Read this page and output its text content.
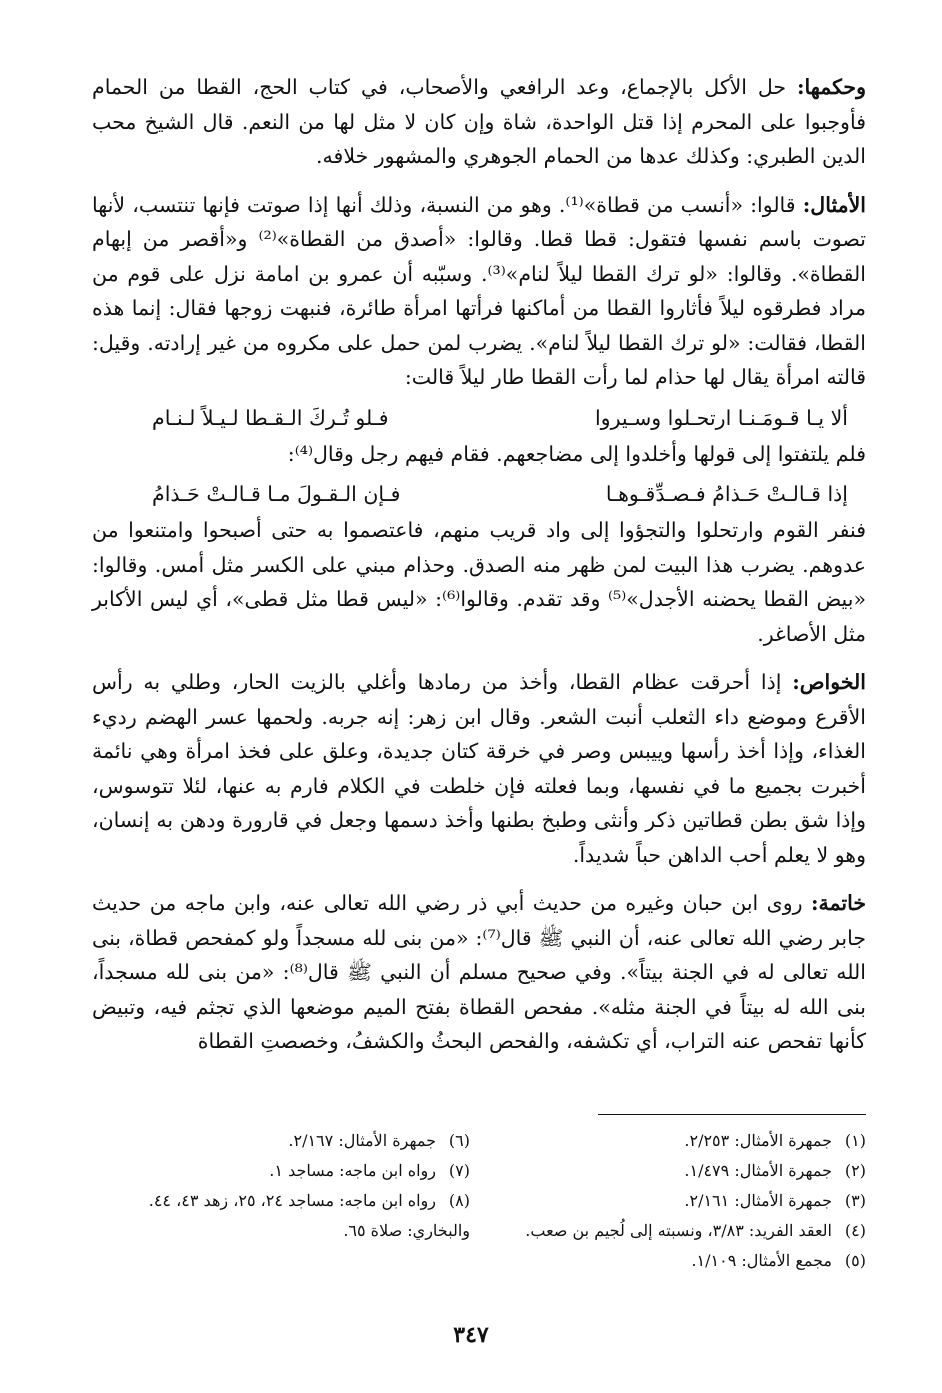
وحكمها: حل الأكل بالإجماع، وعد الرافعي والأصحاب، في كتاب الحج، القطا من الحمام فأوجبوا على المحرم إذا قتل الواحدة، شاة وإن كان لا مثل لها من النعم. قال الشيخ محب الدين الطبري: وكذلك عدها من الحمام الجوهري والمشهور خلافه.

الأمثال: قالوا: «أنسب من قطاة»⁽¹⁾. وهو من النسبة، وذلك أنها إذا صوتت فإنها تنتسب، لأنها تصوت باسم نفسها فتقول: قطا قطا. وقالوا: «أصدق من القطاة»⁽²⁾ و«أقصر من إبهام القطاة». وقالوا: «لو ترك القطا ليلاً لنام»⁽³⁾. وسبّبه أن عمرو بن امامة نزل على قوم من مراد فطرقوه ليلاً فأثاروا القطا من أماكنها فرأتها امرأة طائرة، فنبهت زوجها فقال: إنما هذه القطا، فقالت: «لو ترك القطا ليلاً لنام». يضرب لمن حمل على مكروه من غير إرادته. وقيل: قالته امرأة يقال لها حذام لما رأت القطا طار ليلاً قالت:

ألا يـا قـومَـنـا ارتحـلوا وسـيروا
فـلو تُـركَ الـقـطا لـيـلاً لـنـام
فلم يلتفتوا إلى قولها وأخلدوا إلى مضاجعهم. فقام فيهم رجل وقال⁽⁴⁾:
إذا قـالـتْ حَـذامُ فـصـدِّقـوهـا
فـإن الـقـولَ مـا قـالـتْ حَـذامُ

فنفر القوم وارتحلوا والتجؤوا إلى واد قريب منهم، فاعتصموا به حتى أصبحوا وامتنعوا من عدوهم. يضرب هذا البيت لمن ظهر منه الصدق. وحذام مبني على الكسر مثل أمس. وقالوا: «بيض القطا يحضنه الأجدل»⁽⁵⁾ وقد تقدم. وقالوا⁽⁶⁾: «ليس قطا مثل قطى»، أي ليس الأكابر مثل الأصاغر.

الخواص: إذا أحرقت عظام القطا، وأخذ من رمادها وأغلي بالزيت الحار، وطلي به رأس الأقرع وموضع داء الثعلب أنبت الشعر. وقال ابن زهر: إنه جربه. ولحمها عسر الهضم رديء الغذاء، وإذا أخذ رأسها وييبس وصر في خرقة كتان جديدة، وعلق على فخذ امرأة وهي نائمة أخبرت بجميع ما في نفسها، وبما فعلته فإن خلطت في الكلام فارم به عنها، لئلا تتوسوس، وإذا شق بطن قطاتين ذكر وأنثى وطبخ بطنها وأخذ دسمها وجعل في قارورة ودهن به إنسان، وهو لا يعلم أحب الداهن حباً شديداً.

خاتمة: روى ابن حبان وغيره من حديث أبي ذر رضي الله تعالى عنه، وابن ماجه من حديث جابر رضي الله تعالى عنه، أن النبي ﷺ قال⁽⁷⁾: «من بنى لله مسجداً ولو كمفحص قطاة، بنى الله تعالى له في الجنة بيتاً». وفي صحيح مسلم أن النبي ﷺ قال⁽⁸⁾: «من بنى لله مسجداً، بنى الله له بيتاً في الجنة مثله». مفحص القطاة بفتح الميم موضعها الذي تجثم فيه، وتبيض كأنها تفحص عنه التراب، أي تكشفه، والفحص البحثُ والكشفُ، وخصصتِ القطاة

(١)جمهرة الأمثال: ٢/٢٥٣.
(٢)جمهرة الأمثال: ١/٤٧٩.
(٣)جمهرة الأمثال: ٢/١٦١.
(٤)العقد الفريد: ٣/٨٣، ونسبته إلى لُجيم بن صعب.
(٥)مجمع الأمثال: ١/١٠٩.
(٦)جمهرة الأمثال: ٢/١٦٧.
(٧)رواه ابن ماجه: مساجد ١.
(٨)رواه ابن ماجه: مساجد ٢٤، ٢٥، زهد ٤٣، ٤٤. والبخاري: صلاة ٦٥.
٣٤٧
